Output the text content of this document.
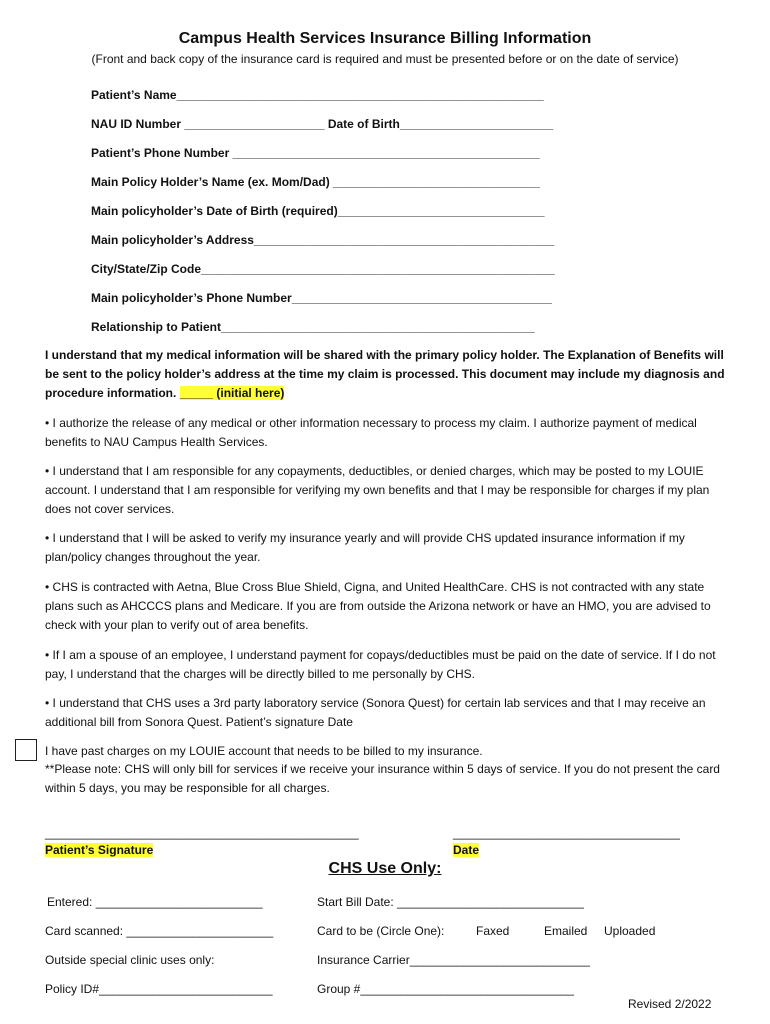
Campus Health Services Insurance Billing Information
(Front and back copy of the insurance card is required and must be presented before or on the date of service)
Patient’s Name_______________________________________________________
NAU ID Number _____________________ Date of Birth_______________________
Patient’s Phone Number ______________________________________________
Main Policy Holder’s Name (ex. Mom/Dad) _______________________________
Main policyholder’s Date of Birth (required)_______________________________
Main policyholder’s Address_____________________________________________
City/State/Zip Code_____________________________________________________
Main policyholder’s Phone Number_______________________________________
Relationship to Patient_______________________________________________
I understand that my medical information will be shared with the primary policy holder. The Explanation of Benefits will be sent to the policy holder’s address at the time my claim is processed. This document may include my diagnosis and procedure information. _____ (initial here)
• I authorize the release of any medical or other information necessary to process my claim. I authorize payment of medical benefits to NAU Campus Health Services.
• I understand that I am responsible for any copayments, deductibles, or denied charges, which may be posted to my LOUIE account. I understand that I am responsible for verifying my own benefits and that I may be responsible for charges if my plan does not cover services.
• I understand that I will be asked to verify my insurance yearly and will provide CHS updated insurance information if my plan/policy changes throughout the year.
• CHS is contracted with Aetna, Blue Cross Blue Shield, Cigna, and United HealthCare. CHS is not contracted with any state plans such as AHCCCS plans and Medicare. If you are from outside the Arizona network or have an HMO, you are advised to check with your plan to verify out of area benefits.
• If I am a spouse of an employee, I understand payment for copays/deductibles must be paid on the date of service. If I do not pay, I understand that the charges will be directly billed to me personally by CHS.
• I understand that CHS uses a 3rd party laboratory service (Sonora Quest) for certain lab services and that I may receive an additional bill from Sonora Quest. Patient’s signature Date
I have past charges on my LOUIE account that needs to be billed to my insurance.
**Please note: CHS will only bill for services if we receive your insurance within 5 days of service. If you do not present the card within 5 days, you may be responsible for all charges.
_______________________________________________	__________________________________
Patient’s Signature	Date
CHS Use Only:
Entered: _________________________	Start Bill Date: ____________________________
Card scanned: ______________________	Card to be (Circle One):	Faxed	Emailed Uploaded
Outside special clinic uses only:	Insurance Carrier___________________________
Policy ID#__________________________	Group #________________________________
Revised 2/2022
